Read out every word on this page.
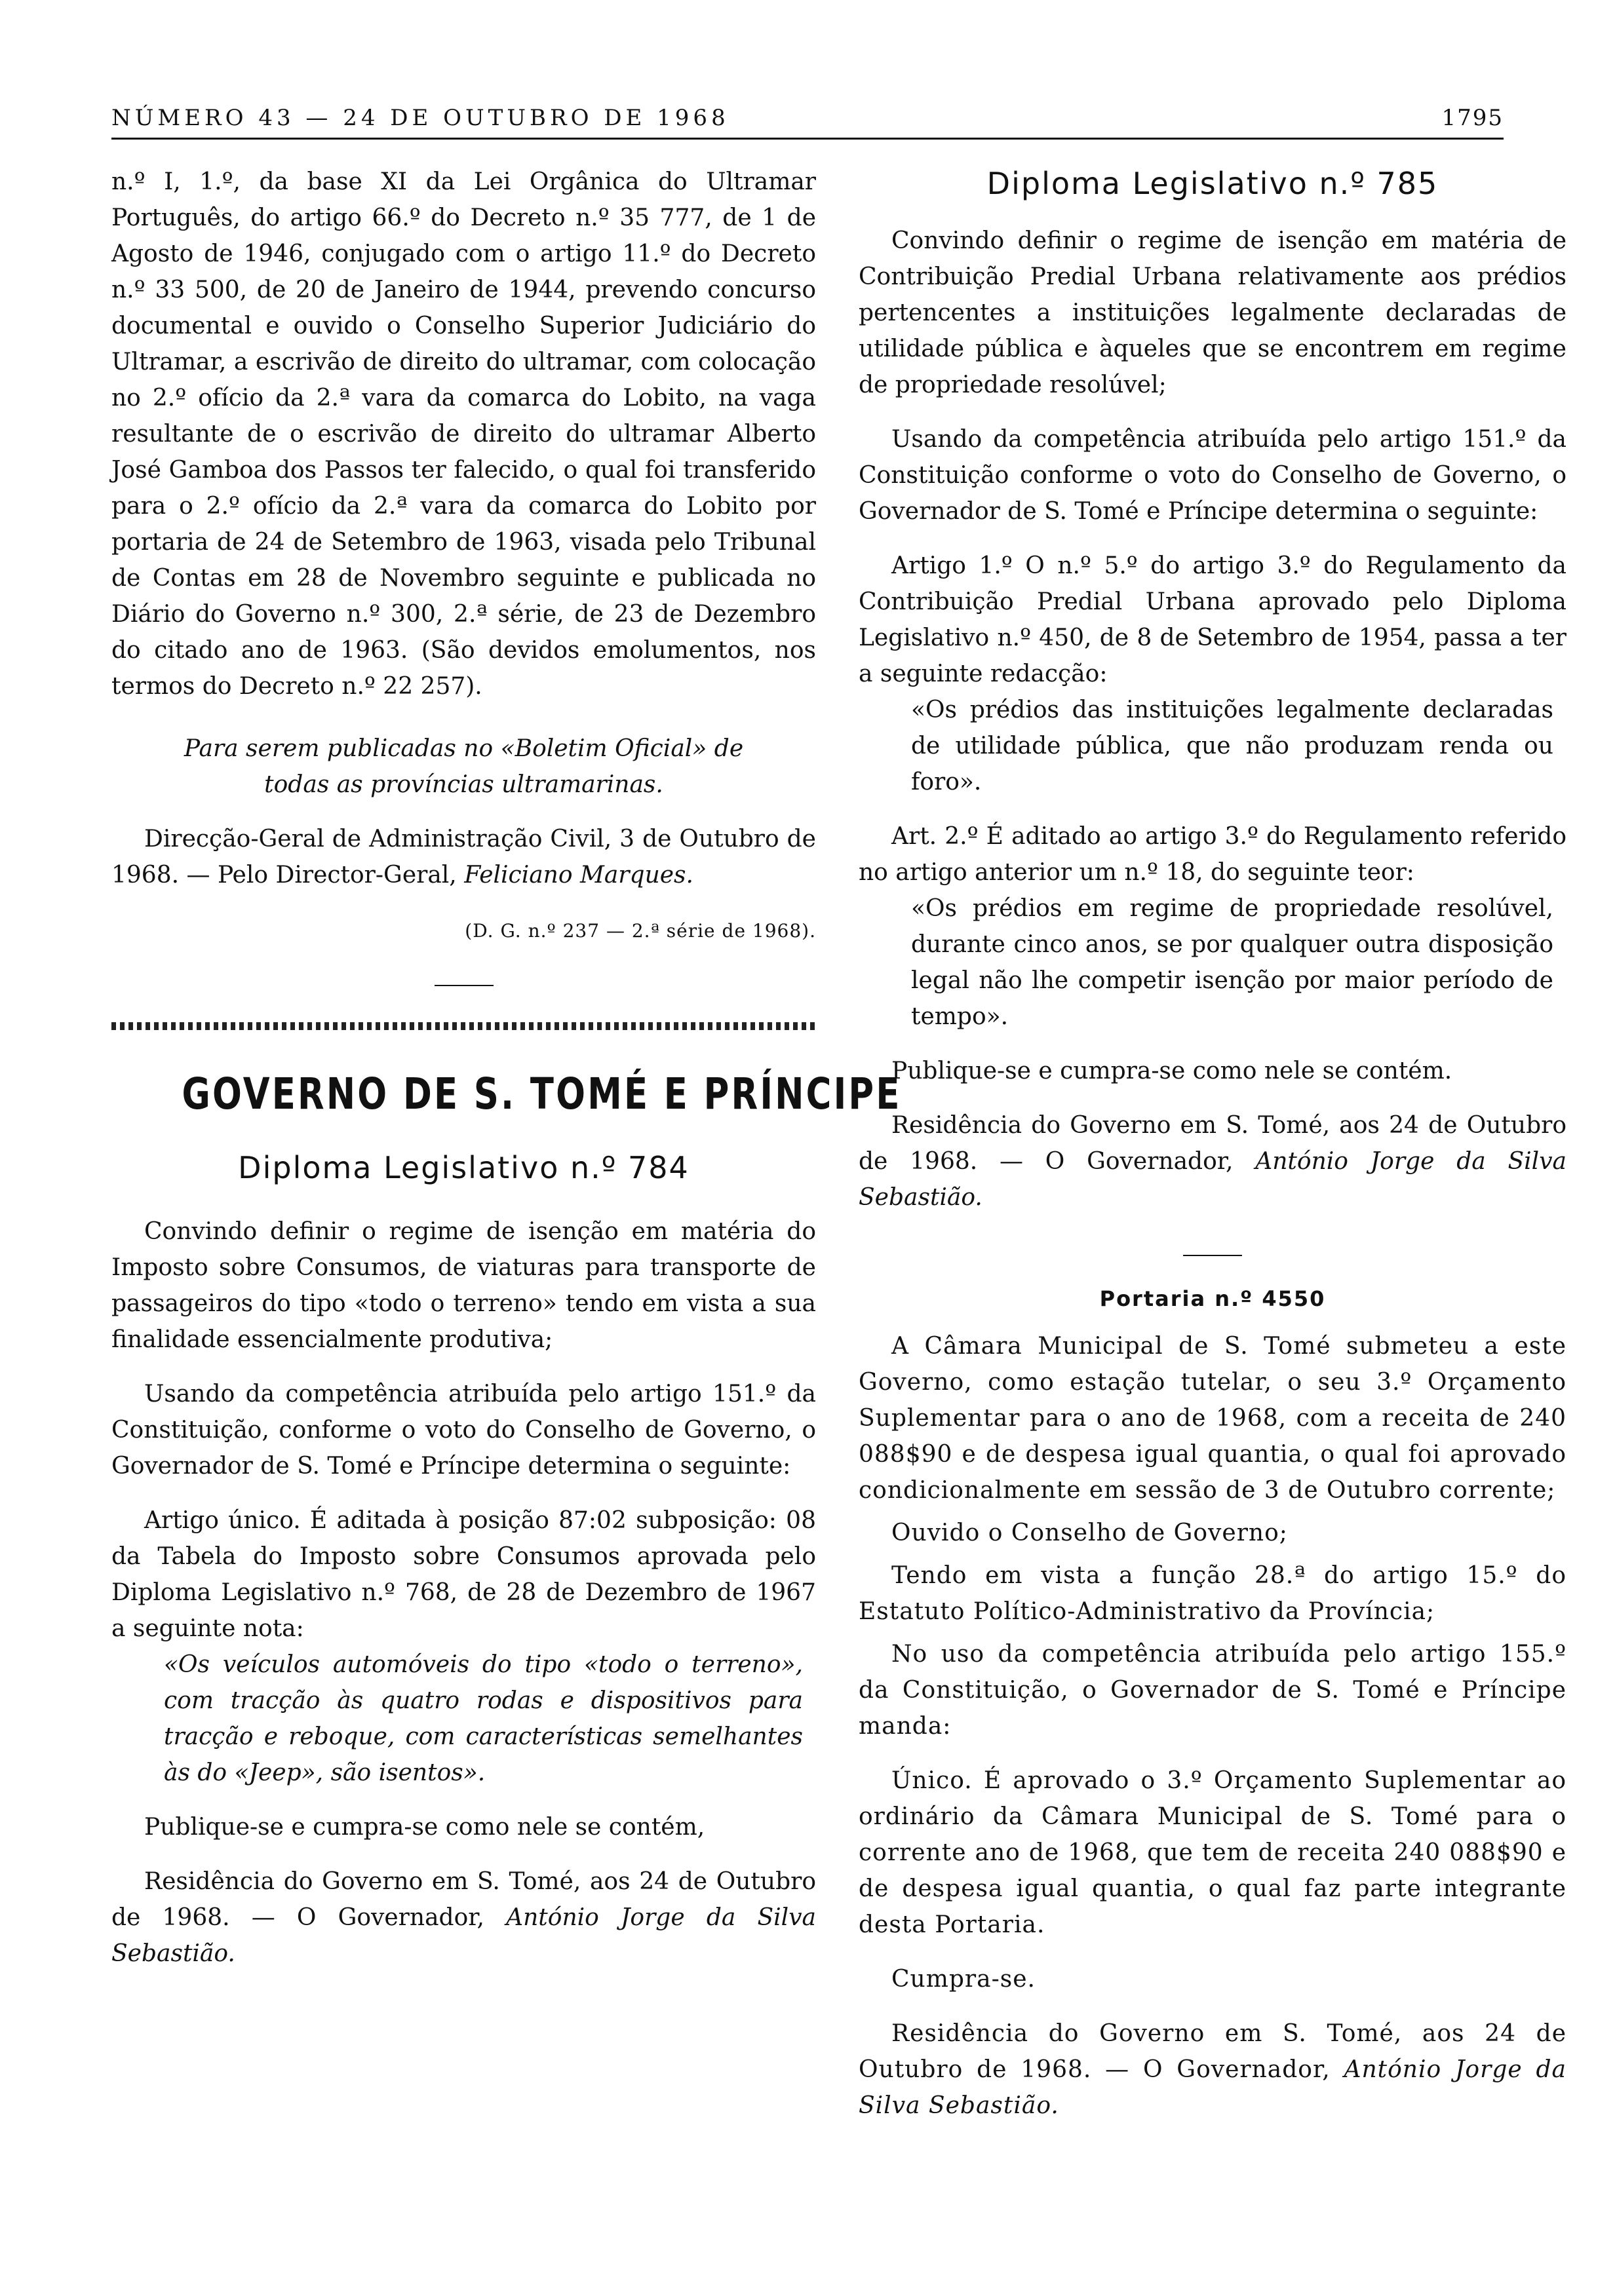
NÚMERO 43 — 24 DE OUTUBRO DE 1968	1795

n.º I, 1.º, da base XI da Lei Orgânica do Ultramar Português, do artigo 66.º do Decreto n.º 35 777, de 1 de Agosto de 1946, conjugado com o artigo 11.º do Decreto n.º 33 500, de 20 de Janeiro de 1944, prevendo concurso documental e ouvido o Conselho Superior Judiciário do Ultramar, a escrivão de direito do ultramar, com colocação no 2.º ofício da 2.ª vara da comarca do Lobito, na vaga resultante de o escrivão de direito do ultramar Alberto José Gamboa dos Passos ter falecido, o qual foi transferido para o 2.º ofício da 2.ª vara da comarca do Lobito por portaria de 24 de Setembro de 1963, visada pelo Tribunal de Contas em 28 de Novembro seguinte e publicada no Diário do Governo n.º 300, 2.ª série, de 23 de Dezembro do citado ano de 1963. (São devidos emolumentos, nos termos do Decreto n.º 22 257).

Para serem publicadas no «Boletim Oficial» de todas as províncias ultramarinas.

Direcção-Geral de Administração Civil, 3 de Outubro de 1968. — Pelo Director-Geral, Feliciano Marques.

(D. G. n.º 237 — 2.ª série de 1968).

GOVERNO DE S. TOMÉ E PRÍNCIPE

Diploma Legislativo n.º 784

Convindo definir o regime de isenção em matéria do Imposto sobre Consumos, de viaturas para transporte de passageiros do tipo «todo o terreno» tendo em vista a sua finalidade essencialmente produtiva;

Usando da competência atribuída pelo artigo 151.º da Constituição, conforme o voto do Conselho de Governo, o Governador de S. Tomé e Príncipe determina o seguinte:

Artigo único. É aditada à posição 87:02 subposição: 08 da Tabela do Imposto sobre Consumos aprovada pelo Diploma Legislativo n.º 768, de 28 de Dezembro de 1967 a seguinte nota:

«Os veículos automóveis do tipo «todo o terreno», com tracção às quatro rodas e dispositivos para tracção e reboque, com características semelhantes às do «Jeep», são isentos».

Publique-se e cumpra-se como nele se contém,

Residência do Governo em S. Tomé, aos 24 de Outubro de 1968. — O Governador, António Jorge da Silva Sebastião.

Diploma Legislativo n.º 785

Convindo definir o regime de isenção em matéria de Contribuição Predial Urbana relativamente aos prédios pertencentes a instituições legalmente declaradas de utilidade pública e àqueles que se encontrem em regime de propriedade resolúvel;

Usando da competência atribuída pelo artigo 151.º da Constituição conforme o voto do Conselho de Governo, o Governador de S. Tomé e Príncipe determina o seguinte:

Artigo 1.º O n.º 5.º do artigo 3.º do Regulamento da Contribuição Predial Urbana aprovado pelo Diploma Legislativo n.º 450, de 8 de Setembro de 1954, passa a ter a seguinte redacção:

«Os prédios das instituições legalmente declaradas de utilidade pública, que não produzam renda ou foro».

Art. 2.º É aditado ao artigo 3.º do Regulamento referido no artigo anterior um n.º 18, do seguinte teor:

«Os prédios em regime de propriedade resolúvel, durante cinco anos, se por qualquer outra disposição legal não lhe competir isenção por maior período de tempo».

Publique-se e cumpra-se como nele se contém.

Residência do Governo em S. Tomé, aos 24 de Outubro de 1968. — O Governador, António Jorge da Silva Sebastião.

Portaria n.º 4550

A Câmara Municipal de S. Tomé submeteu a este Governo, como estação tutelar, o seu 3.º Orçamento Suplementar para o ano de 1968, com a receita de 240 088$90 e de despesa igual quantia, o qual foi aprovado condicionalmente em sessão de 3 de Outubro corrente;

Ouvido o Conselho de Governo;

Tendo em vista a função 28.ª do artigo 15.º do Estatuto Político-Administrativo da Província;

No uso da competência atribuída pelo artigo 155.º da Constituição, o Governador de S. Tomé e Príncipe manda:

Único. É aprovado o 3.º Orçamento Suplementar ao ordinário da Câmara Municipal de S. Tomé para o corrente ano de 1968, que tem de receita 240 088$90 e de despesa igual quantia, o qual faz parte integrante desta Portaria.

Cumpra-se.

Residência do Governo em S. Tomé, aos 24 de Outubro de 1968. — O Governador, António Jorge da Silva Sebastião.
